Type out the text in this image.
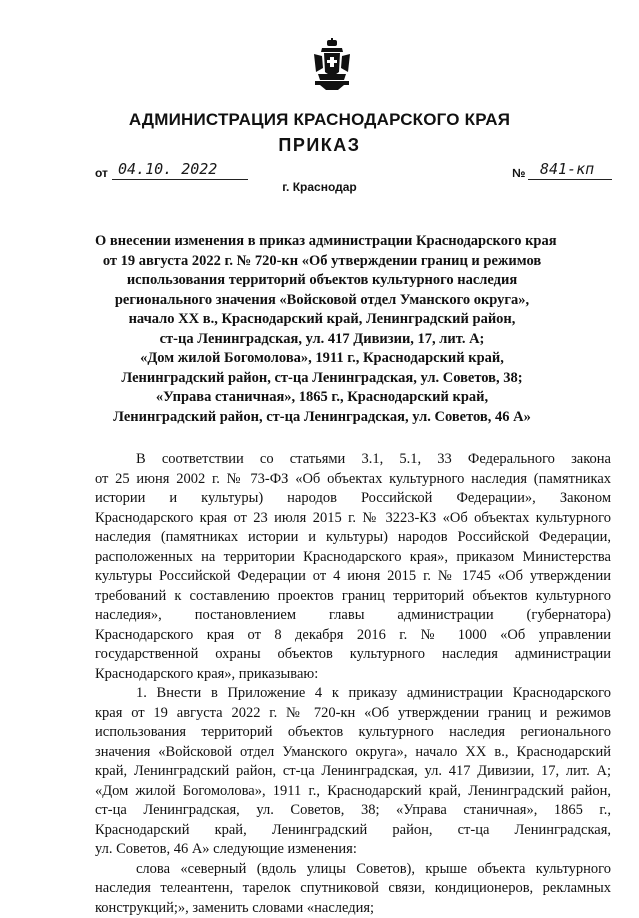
АДМИНИСТРАЦИЯ КРАСНОДАРСКОГО КРАЯ
ПРИКАЗ
от 04.10. 2022	№ 841-кп
г. Краснодар
О внесении изменения в приказ администрации Краснодарского края
от 19 августа 2022 г. № 720-кн «Об утверждении границ и режимов
использования территорий объектов культурного наследия
регионального значения «Войсковой отдел Уманского округа»,
начало XX в., Краснодарский край, Ленинградский район,
ст-ца Ленинградская, ул. 417 Дивизии, 17, лит. А;
«Дом жилой Богомолова», 1911 г., Краснодарский край,
Ленинградский район, ст-ца Ленинградская, ул. Советов, 38;
«Управа станичная», 1865 г., Краснодарский край,
Ленинградский район, ст-ца Ленинградская, ул. Советов, 46 А»
В соответствии со статьями 3.1, 5.1, 33 Федерального закона
от 25 июня 2002 г. № 73-ФЗ «Об объектах культурного наследия (памятниках
истории и культуры) народов Российской Федерации», Законом
Краснодарского края от 23 июля 2015 г. № 3223-КЗ «Об объектах культурного
наследия (памятниках истории и культуры) народов Российской Федерации,
расположенных на территории Краснодарского края», приказом Министерства
культуры Российской Федерации от 4 июня 2015 г. № 1745 «Об утверждении
требований к составлению проектов границ территорий объектов культурного
наследия», постановлением главы администрации (губернатора)
Краснодарского края от 8 декабря 2016 г. № 1000 «Об управлении
государственной охраны объектов культурного наследия администрации
Краснодарского края», приказываю:
1. Внести в Приложение 4 к приказу администрации Краснодарского
края от 19 августа 2022 г. № 720-кн «Об утверждении границ и режимов
использования территорий объектов культурного наследия регионального
значения «Войсковой отдел Уманского округа», начало XX в., Краснодарский
край, Ленинградский район, ст-ца Ленинградская, ул. 417 Дивизии, 17, лит. А;
«Дом жилой Богомолова», 1911 г., Краснодарский край, Ленинградский район,
ст-ца Ленинградская, ул. Советов, 38; «Управа станичная», 1865 г.,
Краснодарский край, Ленинградский район, ст-ца Ленинградская,
ул. Советов, 46 А» следующие изменения:
слова «северный (вдоль улицы Советов), крыше объекта культурного
наследия телеантенн, тарелок спутниковой связи, кондиционеров, рекламных
конструкций;», заменить словами «наследия;
